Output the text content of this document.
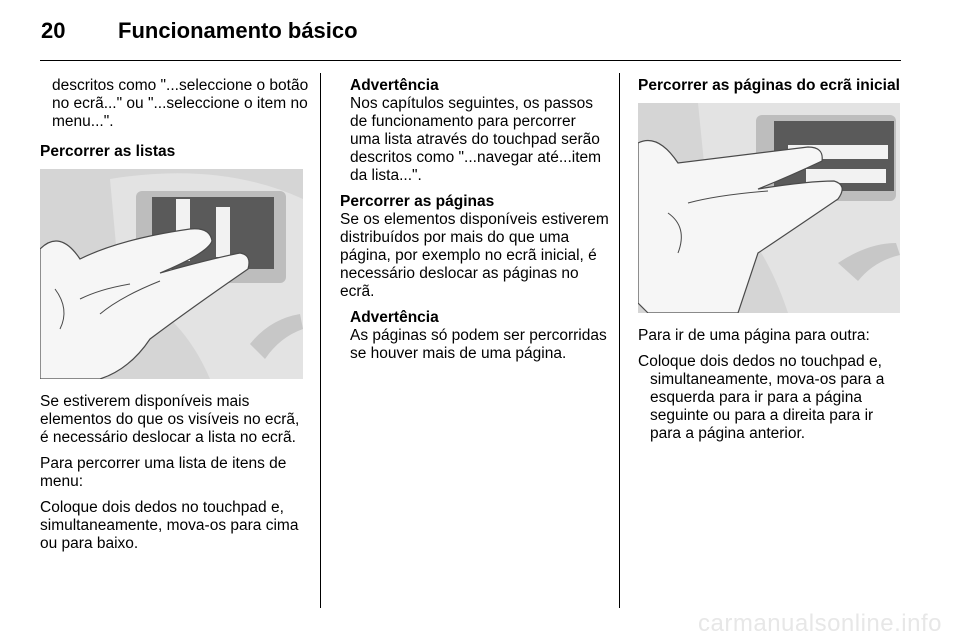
20 Funcionamento básico

descritos como "...seleccione o botão no ecrã..." ou "...seleccione o item no menu...".

Percorrer as listas

Se estiverem disponíveis mais elementos do que os visíveis no ecrã, é necessário deslocar a lista no ecrã.

Para percorrer uma lista de itens de menu:

Coloque dois dedos no touchpad e, simultaneamente, mova-os para cima ou para baixo.

Advertência
Nos capítulos seguintes, os passos de funcionamento para percorrer uma lista através do touchpad serão descritos como "...navegar até...item da lista...".
Percorrer as páginas

Se os elementos disponíveis estiverem distribuídos por mais do que uma página, por exemplo no ecrã inicial, é necessário deslocar as páginas no ecrã.

Advertência
As páginas só podem ser percorridas se houver mais de uma página.
Percorrer as páginas do ecrã inicial

Para ir de uma página para outra:

Coloque dois dedos no touchpad e, simultaneamente, mova-os para a esquerda para ir para a página seguinte ou para a direita para ir para a página anterior.

carmanualsonline.info
